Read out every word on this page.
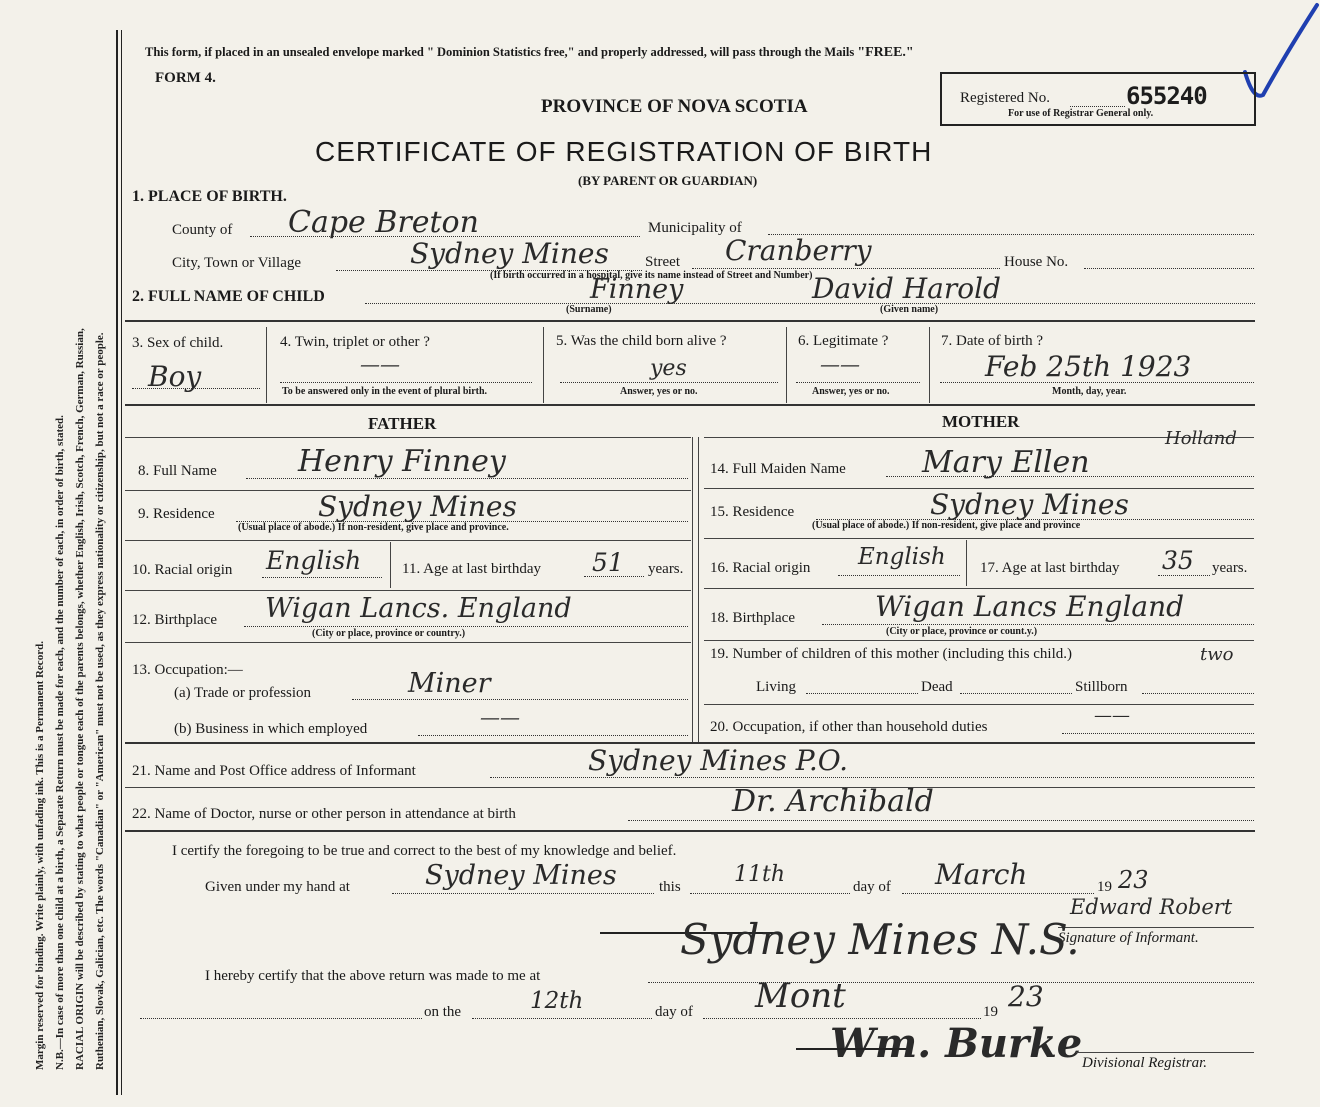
Margin reserved for binding. Write plainly, with unfading ink. This is a Permanent Record. N.B.—In case of more than one child at a birth, a Separate Return must be made for each, and the number of each, in order of birth, stated. RACIAL ORIGIN will be described by stating to what people or tongue each of the parents belongs, whether English, Irish, Scotch, French, German, Russian, Ruthenian, Slovak, Galician, etc. The words "Canadian" or "American" must not be used, as they express nationality or citizenship, but not a race or people.
This form, if placed in an unsealed envelope marked " Dominion Statistics free," and properly addressed, will pass through the Mails "FREE."
FORM 4.
PROVINCE OF NOVA SCOTIA	Registered No.	655240
For use of Registrar General only.
CERTIFICATE OF REGISTRATION OF BIRTH
(BY PARENT OR GUARDIAN)
1. PLACE OF BIRTH.
County of Cape Breton	Municipality of
City, Town or Village	Sydney Mines Street Cranberry	House No.
(If birth occurred in a hospital, give its name instead of Street and Number)
2. FULL NAME OF CHILD	Finney	David Harold
(Surname)	(Given name)
3. Sex of child.
Boy
4. Twin, triplet or other ?
——
To be answered only in the event of plural birth.
5. Was the child born alive ?
yes
Answer, yes or no.
6. Legitimate ?
——
Answer, yes or no.
7. Date of birth ?
Feb 25th 1923
Month, day, year.
FATHER	MOTHER
8. Full Name	Henry Finney
9. Residence	Sydney Mines
(Usual place of abode.) If non-resident, give place and province.
10. Racial origin English	11. Age at last birthday 51 years.
12. Birthplace Wigan Lancs. England
(City or place, province or country.)
13. Occupation:—
(a) Trade or profession	Miner
(b) Business in which employed	——
14. Full Maiden Name	Mary Ellen
Holland
15. Residence	Sydney Mines
(Usual place of abode.) If non-resident, give place and province
16. Racial origin English 17. Age at last birthday 35 years.
18. Birthplace	Wigan Lancs England
(City or place, province or count.y.)
19. Number of children of this mother (including this child.)	two
Living	Dead	Stillborn
20. Occupation, if other than household duties
——
21. Name and Post Office address of Informant	Sydney Mines P.O.
22. Name of Doctor, nurse or other person in attendance at birth	Dr. Archibald
I certify the foregoing to be true and correct to the best of my knowledge and belief.
Given under my hand at	Sydney Mines	this 11th	day of March	19 23
Edward Robert
Signature of Informant.
I hereby certify that the above return was made to me at
Sydney Mines N.S.
on the	12th	day of Mont	19 23
Wm. Burke Divisional Registrar.
